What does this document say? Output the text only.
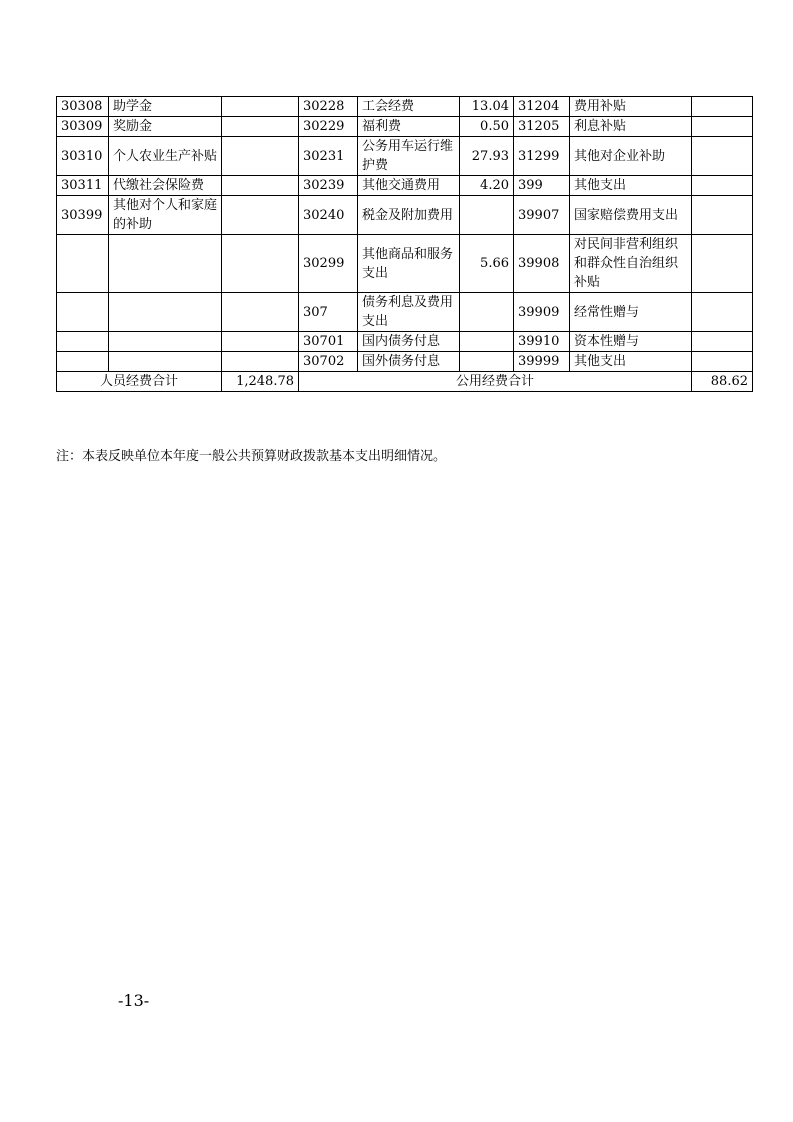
30308	助学金		30228	工会经费	13.04	31204	费用补贴	
30309	奖励金		30229	福利费	0.50	31205	利息补贴	
30310	个人农业生产补贴		30231	公务用车运行维护费	27.93	31299	其他对企业补助	
30311	代缴社会保险费		30239	其他交通费用	4.20	399	其他支出	
30399	其他对个人和家庭的补助		30240	税金及附加费用		39907	国家赔偿费用支出	
			30299	其他商品和服务支出	5.66	39908	对民间非营利组织和群众性自治组织补贴	
			307	债务利息及费用支出		39909	经常性赠与	
			30701	国内债务付息		39910	资本性赠与	
			30702	国外债务付息		39999	其他支出	
人员经费合计		1,248.78	公用经费合计					88.62
注：本表反映单位本年度一般公共预算财政拨款基本支出明细情况。
-13-
